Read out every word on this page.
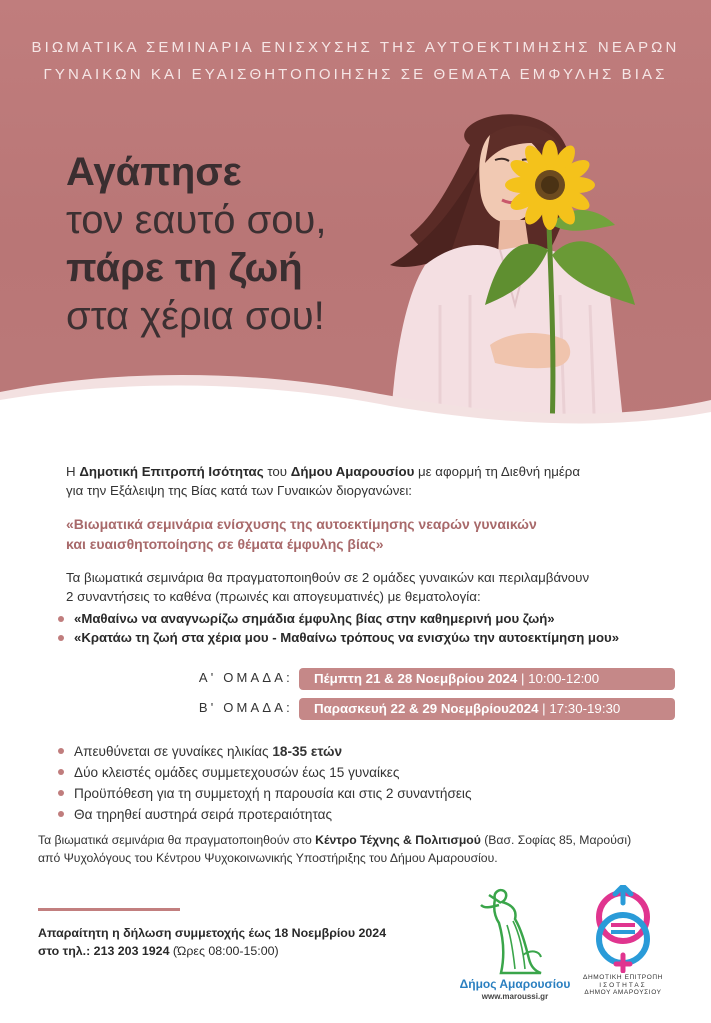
ΒΙΩΜΑΤΙΚΑ ΣΕΜΙΝΑΡΙΑ ΕΝΙΣΧΥΣΗΣ ΤΗΣ ΑΥΤΟΕΚΤΙΜΗΣΗΣ ΝΕΑΡΩΝ
ΓΥΝΑΙΚΩΝ ΚΑΙ ΕΥΑΙΣΘΗΤΟΠΟΙΗΣΗΣ ΣΕ ΘΕΜΑΤΑ ΕΜΦΥΛΗΣ ΒΙΑΣ
Αγάπησε
τον εαυτό σου,
πάρε τη ζωή
στα χέρια σου!
Η Δημοτική Επιτροπή Ισότητας του Δήμου Αμαρουσίου με αφορμή τη Διεθνή ημέρα
για την Εξάλειψη της Βίας κατά των Γυναικών διοργανώνει:
«Βιωματικά σεμινάρια ενίσχυσης της αυτοεκτίμησης νεαρών γυναικών
και ευαισθητοποίησης σε θέματα έμφυλης βίας»
Τα βιωματικά σεμινάρια θα πραγματοποιηθούν σε 2 ομάδες γυναικών και περιλαμβάνουν
2 συναντήσεις το καθένα (πρωινές και απογευματινές) με θεματολογία:
«Μαθαίνω να αναγνωρίζω σημάδια έμφυλης βίας στην καθημερινή μου ζωή»
«Κρατάω τη ζωή στα χέρια μου - Μαθαίνω τρόπους να ενισχύω την αυτοεκτίμηση μου»
Α' ΟΜΑΔΑ:	Πέμπτη 21 & 28 Νοεμβρίου 2024 | 10:00-12:00
Β' ΟΜΑΔΑ:	Παρασκευή 22 & 29 Νοεμβρίου2024 | 17:30-19:30
Απευθύνεται σε γυναίκες ηλικίας 18-35 ετών
Δύο κλειστές ομάδες συμμετεχουσών έως 15 γυναίκες
Προϋπόθεση για τη συμμετοχή η παρουσία και στις 2 συναντήσεις
Θα τηρηθεί αυστηρά σειρά προτεραιότητας
Τα βιωματικά σεμινάρια θα πραγματοποιηθούν στο Κέντρο Τέχνης & Πολιτισμού (Βασ. Σοφίας 85, Μαρούσι)
από Ψυχολόγους του Κέντρου Ψυχοκοινωνικής Υποστήριξης του Δήμου Αμαρουσίου.
Απαραίτητη η δήλωση συμμετοχής έως 18 Νοεμβρίου 2024
στο τηλ.: 213 203 1924 (Ώρες 08:00-15:00)
Δήμος Αμαρουσίου
www.maroussi.gr
ΔΗΜΟΤΙΚΗ ΕΠΙΤΡΟΠΗ
ΙΣΟΤΗΤΑΣ
ΔΗΜΟΥ ΑΜΑΡΟΥΣΙΟΥ
